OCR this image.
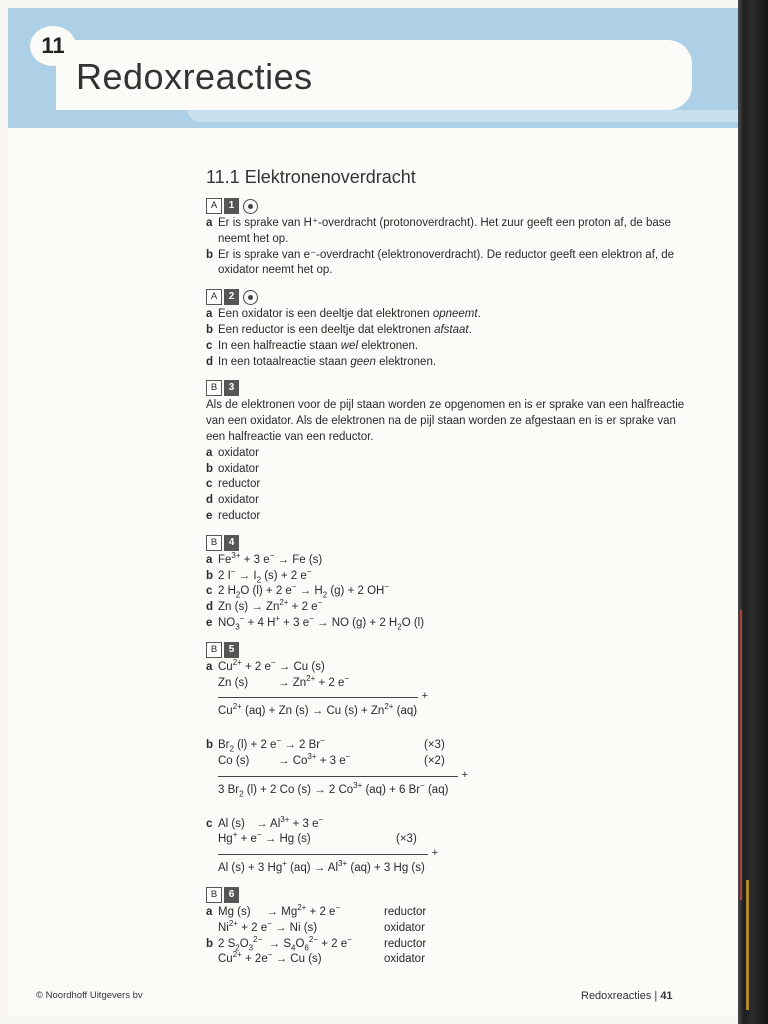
11
Redoxreacties
11.1 Elektronenoverdracht
A	1
a Er is sprake van H⁺-overdracht (protonoverdracht). Het zuur geeft een proton af, de base neemt het op.
b Er is sprake van e⁻-overdracht (elektronoverdracht). De reductor geeft een elektron af, de oxidator neemt het op.
A	2
a Een oxidator is een deeltje dat elektronen opneemt.
b Een reductor is een deeltje dat elektronen afstaat.
c In een halfreactie staan wel elektronen.
d In een totaalreactie staan geen elektronen.
B	3

Als de elektronen voor de pijl staan worden ze opgenomen en is er sprake van een halfreactie van een oxidator. Als de elektronen na de pijl staan worden ze afgestaan en is er sprake van een halfreactie van een reductor.

a oxidator
b oxidator
c reductor
d oxidator
e reductor
B	4
a $Fe^{3+} + 3$ e− → Fe (s)
b 2 $I^- \to I_2$ (s) + 2 e−
c 2 $H_2O$ (l) + 2 $e^- \to H_2$ (g) + 2 OH−
d Zn $(s) \to Zn^{2+} + 2$ e−
e $NO_3^- + 4$ H+ + 3 e− → NO (g) + 2 $H_2O$ (l)
B	5
a $Cu^{2+} + 2$ e− → Cu (s)
Zn (s)	→ $Zn^{2+} + 2$ e−
+
$Cu^{2+}$ (aq) + Zn (s) → Cu $(s) + Zn^{2+}$ (aq)
b $Br_2$ (l) + 2 e− → 2 Br−	(×3)
Co (s)	→ $Co^{3+} + 3$ e−	(×2)
+
3 $Br_2$ (l) + 2 Co (s) → 2 $Co^{3+}$ (aq) + 6 Br− (aq)
c Al $(s) \to Al^{3+} + 3$ e−
Hg+ + e− → Hg (s)	(×3)
+
Al (s) + 3 Hg+ $(aq) \to Al^{3+}$ (aq) + 3 Hg (s)
B	6
a Mg (s)     → $Mg^{2+} + 2$ e−	reductor
$Ni^{2+} + 2$ e− → Ni (s)	oxidator
b 2 $S_2O_3^{2-} \to S_4O_6^{2-} + 2$ e−	reductor
$Cu^{2+} + 2e^- \to Cu$ (s)	oxidator
© Noordhoff Uitgevers bv	Redoxreacties | 41
